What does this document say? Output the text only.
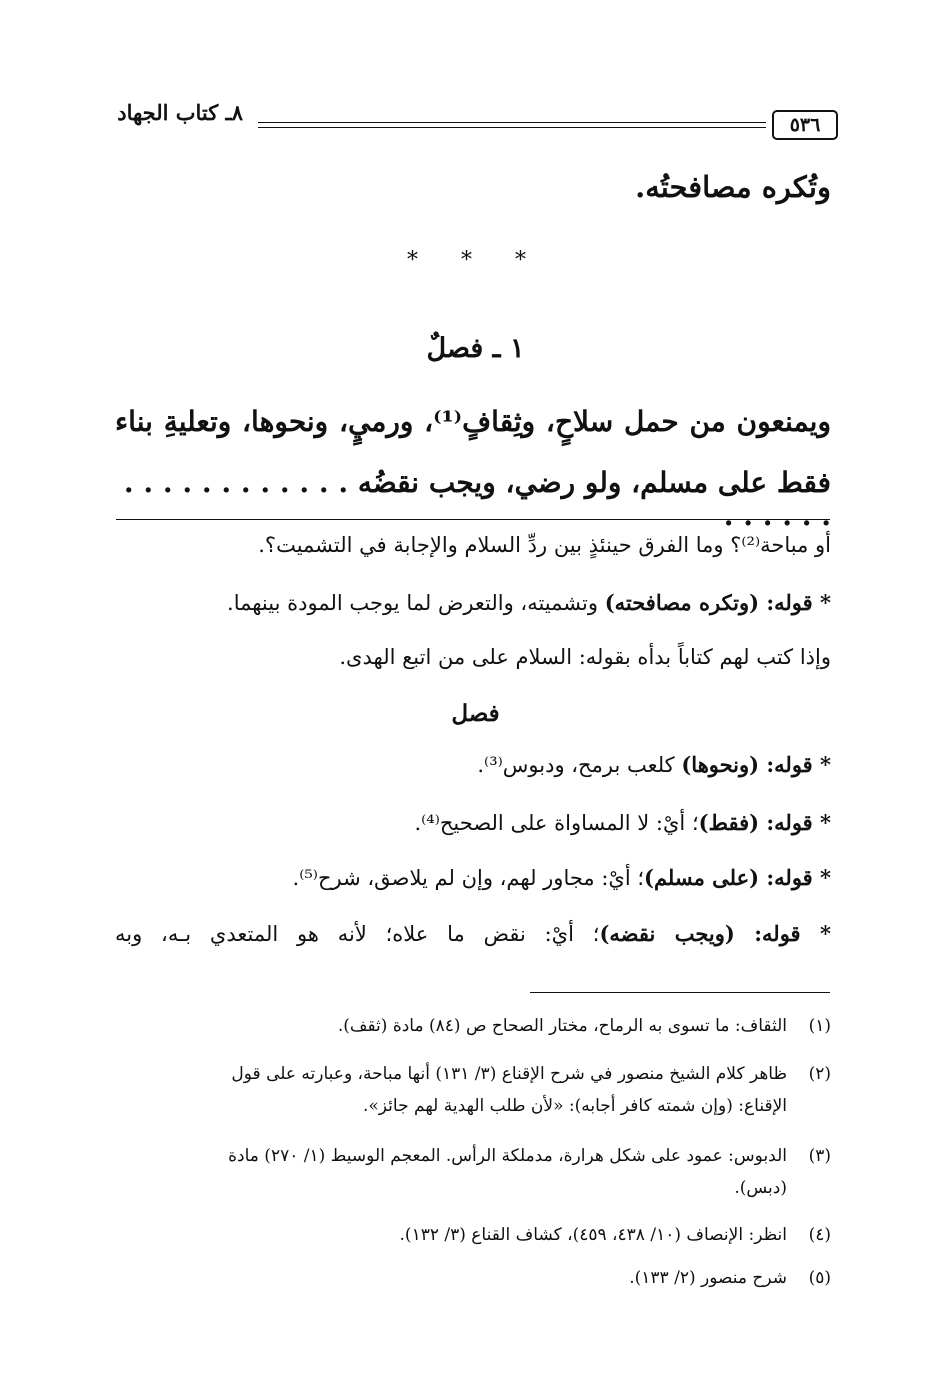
٨ـ كتاب الجهاد	٥٣٦
وتُكره مصافحتُه.
* * *
١ ـ فصلٌ
ويمنعون من حمل سلاحٍ، وثِقافٍ⁽¹⁾، ورميٍ، ونحوها، وتعليةِ بناء
فقط على مسلم، ولو رضي، ويجب نقضُه . . . . . . . . . . . . . . . . . .
أو مباحة⁽²⁾؟ وما الفرق حينئذٍ بين ردِّ السلام والإجابة في التشميت؟.
* قوله: (وتكره مصافحته) وتشميته، والتعرض لما يوجب المودة بينهما.
وإذا كتب لهم كتاباً بدأه بقوله: السلام على من اتبع الهدى.
فصل
* قوله: (ونحوها) كلعب برمح، ودبوس⁽³⁾.
* قوله: (فقط)؛ أيْ: لا المساواة على الصحيح⁽⁴⁾.
* قوله: (على مسلم)؛ أيْ: مجاور لهم، وإن لم يلاصق، شرح⁽⁵⁾.
* قوله: (ويجب نقضه)؛ أيْ: نقض ما علاه؛ لأنه هو المتعدي بـه، وبه
(١)الثقاف: ما تسوى به الرماح، مختار الصحاح ص (٨٤) مادة (ثقف).
(٢)ظاهر كلام الشيخ منصور في شرح الإقناع (٣/ ١٣١) أنها مباحة، وعبارته على قول
الإقناع: (وإن شمته كافر أجابه): «لأن طلب الهدية لهم جائز».
(٣)الدبوس: عمود على شكل هرارة، مدملكة الرأس. المعجم الوسيط (١/ ٢٧٠) مادة
(دبس).
(٤)انظر: الإنصاف (١٠/ ٤٣٨، ٤٥٩)، كشاف القناع (٣/ ١٣٢).
(٥)شرح منصور (٢/ ١٣٣).
